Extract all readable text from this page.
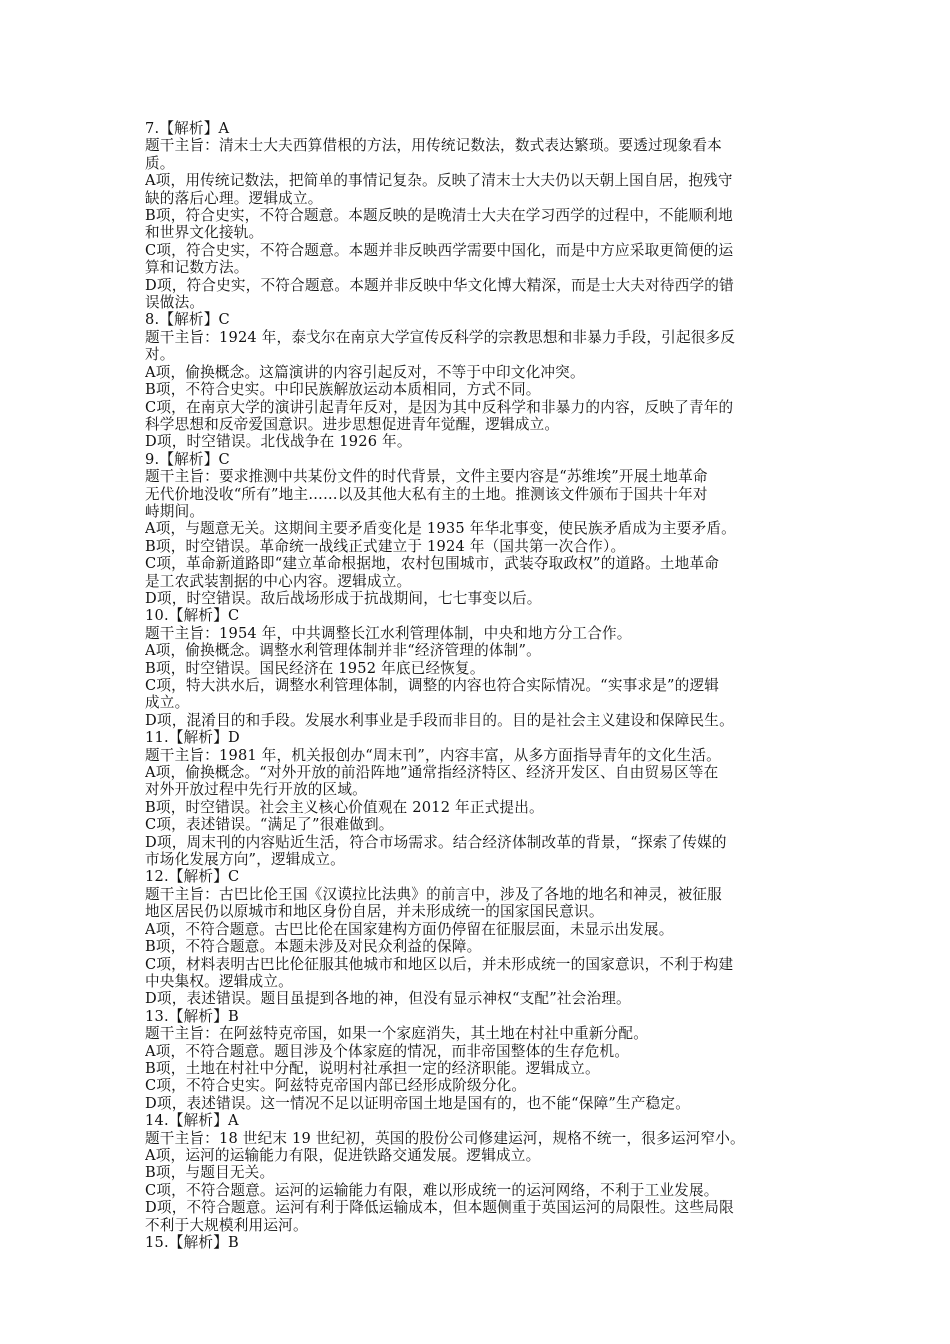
7.【解析】A
题干主旨：清末士大夫西算借根的方法，用传统记数法，数式表达繁琐。要透过现象看本
质。
A项，用传统记数法，把简单的事情记复杂。反映了清末士大夫仍以天朝上国自居，抱残守
缺的落后心理。逻辑成立。
B项，符合史实，不符合题意。本题反映的是晚清士大夫在学习西学的过程中，不能顺利地
和世界文化接轨。
C项，符合史实，不符合题意。本题并非反映西学需要中国化，而是中方应采取更简便的运
算和记数方法。
D项，符合史实，不符合题意。本题并非反映中华文化博大精深，而是士大夫对待西学的错
误做法。
8.【解析】C
题干主旨：1924 年，泰戈尔在南京大学宣传反科学的宗教思想和非暴力手段，引起很多反
对。
A项，偷换概念。这篇演讲的内容引起反对，不等于中印文化冲突。
B项，不符合史实。中印民族解放运动本质相同，方式不同。
C项，在南京大学的演讲引起青年反对，是因为其中反科学和非暴力的内容，反映了青年的
科学思想和反帝爱国意识。进步思想促进青年觉醒，逻辑成立。
D项，时空错误。北伐战争在 1926 年。
9.【解析】C
题干主旨：要求推测中共某份文件的时代背景，文件主要内容是“苏维埃”开展土地革命
无代价地没收“所有”地主……以及其他大私有主的土地。推测该文件颁布于国共十年对
峙期间。
A项，与题意无关。这期间主要矛盾变化是 1935 年华北事变，使民族矛盾成为主要矛盾。
B项，时空错误。革命统一战线正式建立于 1924 年（国共第一次合作）。
C项，革命新道路即“建立革命根据地，农村包围城市，武装夺取政权”的道路。土地革命
是工农武装割据的中心内容。逻辑成立。
D项，时空错误。敌后战场形成于抗战期间，七七事变以后。
10.【解析】C
题干主旨：1954 年，中共调整长江水利管理体制，中央和地方分工合作。
A项，偷换概念。调整水利管理体制并非“经济管理的体制”。
B项，时空错误。国民经济在 1952 年底已经恢复。
C项，特大洪水后，调整水利管理体制，调整的内容也符合实际情况。“实事求是”的逻辑
成立。
D项，混淆目的和手段。发展水利事业是手段而非目的。目的是社会主义建设和保障民生。
11.【解析】D
题干主旨：1981 年，机关报创办“周末刊”，内容丰富，从多方面指导青年的文化生活。
A项，偷换概念。“对外开放的前沿阵地”通常指经济特区、经济开发区、自由贸易区等在
对外开放过程中先行开放的区域。
B项，时空错误。社会主义核心价值观在 2012 年正式提出。
C项，表述错误。“满足了”很难做到。
D项，周末刊的内容贴近生活，符合市场需求。结合经济体制改革的背景，“探索了传媒的
市场化发展方向”，逻辑成立。
12.【解析】C
题干主旨：古巴比伦王国《汉谟拉比法典》的前言中，涉及了各地的地名和神灵，被征服
地区居民仍以原城市和地区身份自居，并未形成统一的国家国民意识。
A项，不符合题意。古巴比伦在国家建构方面仍停留在征服层面，未显示出发展。
B项，不符合题意。本题未涉及对民众利益的保障。
C项，材料表明古巴比伦征服其他城市和地区以后，并未形成统一的国家意识，不利于构建
中央集权。逻辑成立。
D项，表述错误。题目虽提到各地的神，但没有显示神权“支配”社会治理。
13.【解析】B
题干主旨：在阿兹特克帝国，如果一个家庭消失，其土地在村社中重新分配。
A项，不符合题意。题目涉及个体家庭的情况，而非帝国整体的生存危机。
B项，土地在村社中分配，说明村社承担一定的经济职能。逻辑成立。
C项，不符合史实。阿兹特克帝国内部已经形成阶级分化。
D项，表述错误。这一情况不足以证明帝国土地是国有的，也不能“保障”生产稳定。
14.【解析】A
题干主旨：18 世纪末 19 世纪初，英国的股份公司修建运河，规格不统一，很多运河窄小。
A项，运河的运输能力有限，促进铁路交通发展。逻辑成立。
B项，与题目无关。
C项，不符合题意。运河的运输能力有限，难以形成统一的运河网络，不利于工业发展。
D项，不符合题意。运河有利于降低运输成本，但本题侧重于英国运河的局限性。这些局限
不利于大规模利用运河。
15.【解析】B
